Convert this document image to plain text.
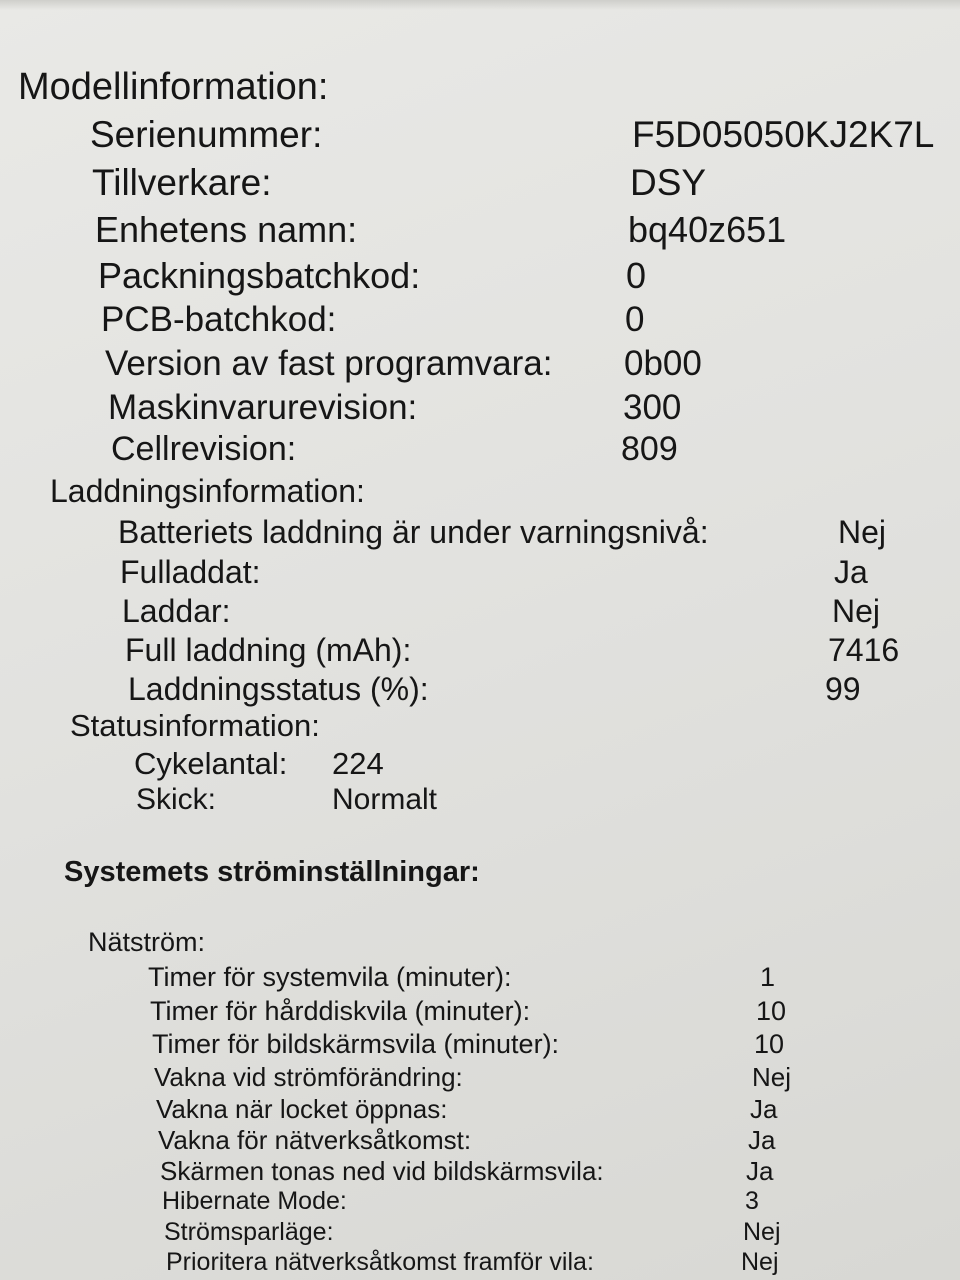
Modellinformation:
Serienummer:	F5D05050KJ2K7L
Tillverkare:	DSY
Enhetens namn:	bq40z651
Packningsbatchkod:	0
PCB-batchkod:	0
Version av fast programvara: 0b00
Maskinvarurevision:	300
Cellrevision:	809
Laddningsinformation:
Batteriets laddning är under varningsnivå:	Nej
Fulladdat:	Ja
Laddar:	Nej
Full laddning (mAh):	7416
Laddningsstatus (%):	99
Statusinformation:
Cykelantal: 224
Skick:	Normalt
Systemets ströminställningar:
Nätström:
Timer för systemvila (minuter):	1
Timer för hårddiskvila (minuter):	10
Timer för bildskärmsvila (minuter):	10
Vakna vid strömförändring:	Nej
Vakna när locket öppnas:	Ja
Vakna för nätverksåtkomst:	Ja
Skärmen tonas ned vid bildskärmsvila:	Ja
Hibernate Mode:	3
Strömsparläge:	Nej
Prioritera nätverksåtkomst framför vila:	Nej
